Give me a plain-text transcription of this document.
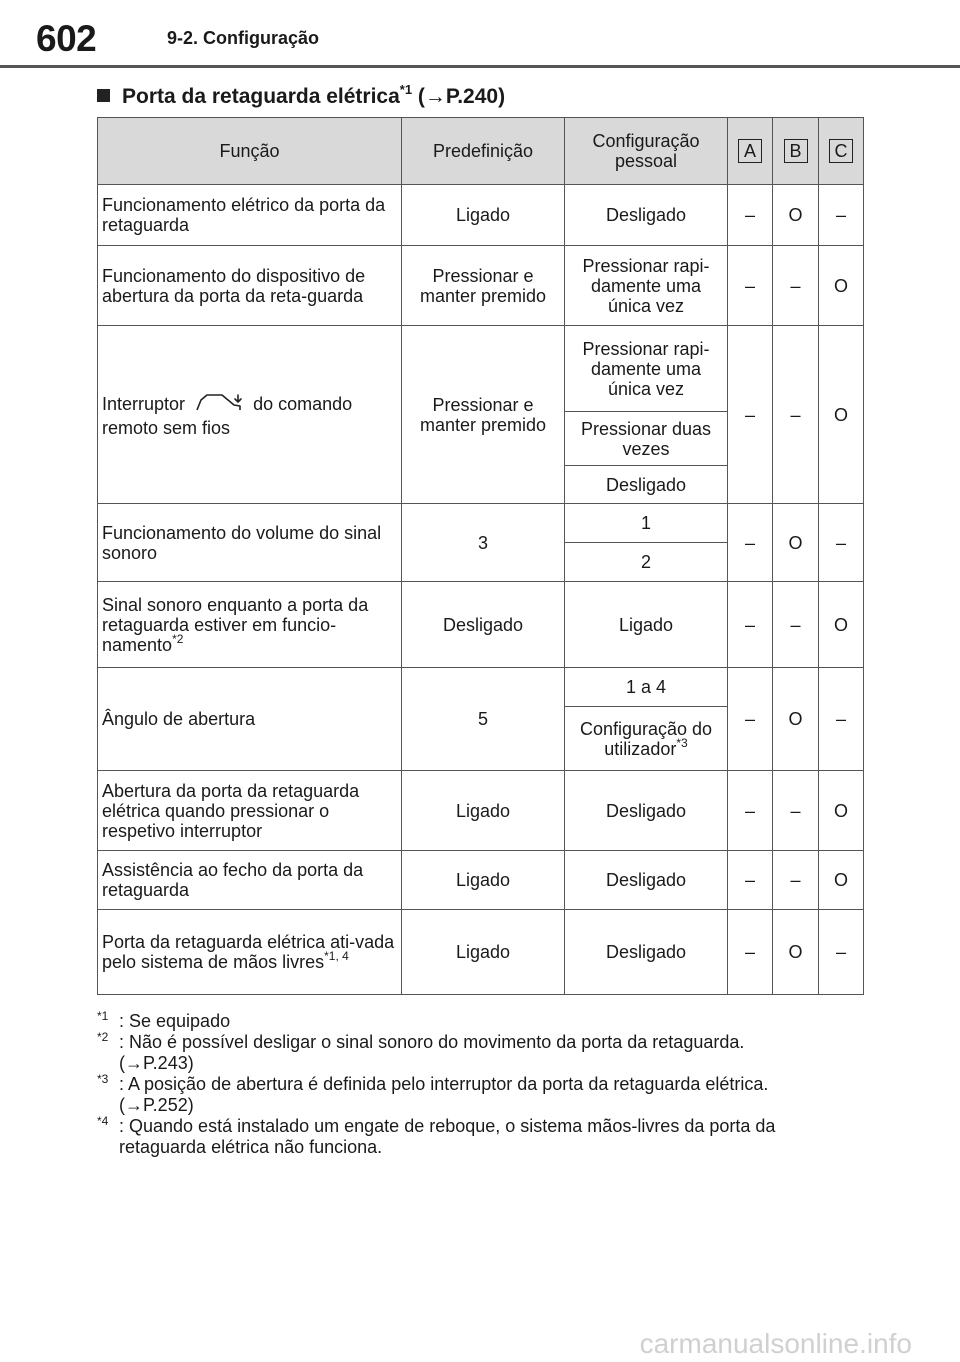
602	9-2. Configuração
Porta da retaguarda elétrica$^{*1}$ (→P.240)
Função	Predefinição	Configuração pessoal	A	B	C
Funcionamento elétrico da porta da retaguarda	Ligado	Desligado	–	O	–
Funcionamento do dispositivo de abertura da porta da reta-guarda	Pressionar e manter premido	Pressionar rapi-damente uma única vez	–	–	O
Interruptor do comando remoto sem fios	Pressionar e manter premido	Pressionar rapi-damente uma única vez	–	–	O
		Pressionar duas vezes			
		Desligado			
Funcionamento do volume do sinal sonoro	3	1	–	O	–
		2			
Sinal sonoro enquanto a porta da retaguarda estiver em funcio-namento$^{*2}$	Desligado	Ligado	–	–	O
Ângulo de abertura	5	1 a 4	–	O	–
		Configuração do utilizador$^{*3}$
Abertura da porta da retaguarda elétrica quando pressionar o respetivo interruptor	Ligado	Desligado	–	–	O
Assistência ao fecho da porta da retaguarda	Ligado	Desligado	–	–	O
Porta da retaguarda elétrica ati-vada pelo sistema de mãos livres$^{*1, 4}$	Ligado	Desligado	–	O	–
$^{*1}$ : Se equipado
$^{*2}$ : Não é possível desligar o sinal sonoro do movimento da porta da retaguarda.
(→P.243)
$^{*3}$ : A posição de abertura é definida pelo interruptor da porta da retaguarda elétrica.
(→P.252)
$^{*4}$ : Quando está instalado um engate de reboque, o sistema mãos-livres da porta da retaguarda elétrica não funciona.
carmanualsonline.info
